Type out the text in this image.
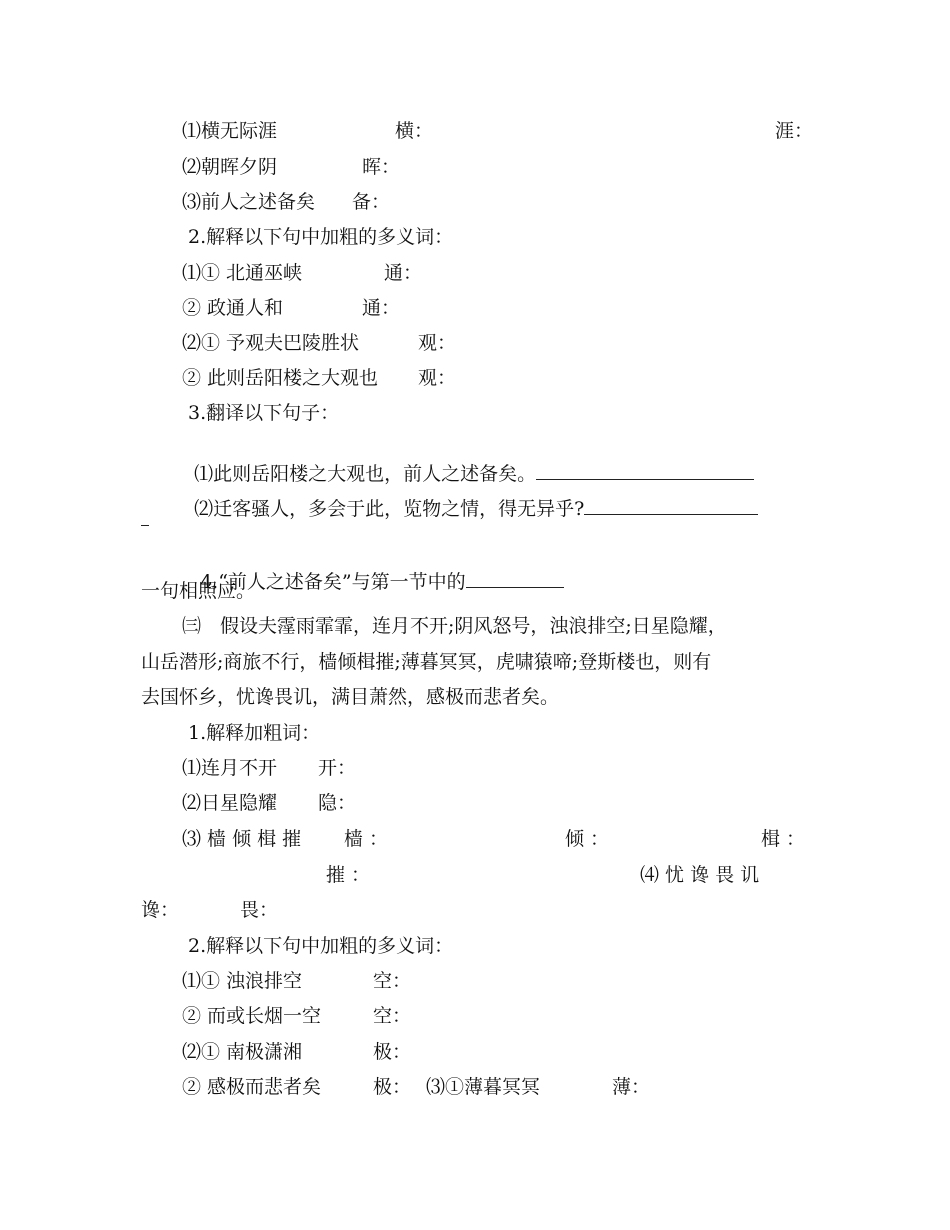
⑴横无际涯	横：	涯：
⑵朝晖夕阴	晖：
⑶前人之述备矣 备：
2.解释以下句中加粗的多义词：
⑴① 北通巫峡	通：
② 政通人和	通：
⑵① 予观夫巴陵胜状	观：
② 此则岳阳楼之大观也 观：
3.翻译以下句子：

⑴此则岳阳楼之大观也，前人之述备矣。

⑵迁客骚人，多会于此，览物之情，得无异乎?

4.“前人之述备矣”与第一节中的

一句相照应。
㈢　假设夫霪雨霏霏，连月不开;阴风怒号，浊浪排空;日星隐耀，
山岳潜形;商旅不行，樯倾楫摧;薄暮冥冥，虎啸猿啼;登斯楼也，则有
去国怀乡，忧谗畏讥，满目萧然，感极而悲者矣。
1.解释加粗词：
⑴连月不开 开：
⑵日星隐耀 隐：
⑶ 樯 倾 楫 摧 樯 ：	倾 ：	楫 ：
摧 ：	⑷ 忧 谗 畏 讥
谗：	畏：
2.解释以下句中加粗的多义词：
⑴① 浊浪排空	空：
② 而或长烟一空	空：
⑵① 南极潇湘	极：
② 感极而悲者矣	极： ⑶①薄暮冥冥	薄：
